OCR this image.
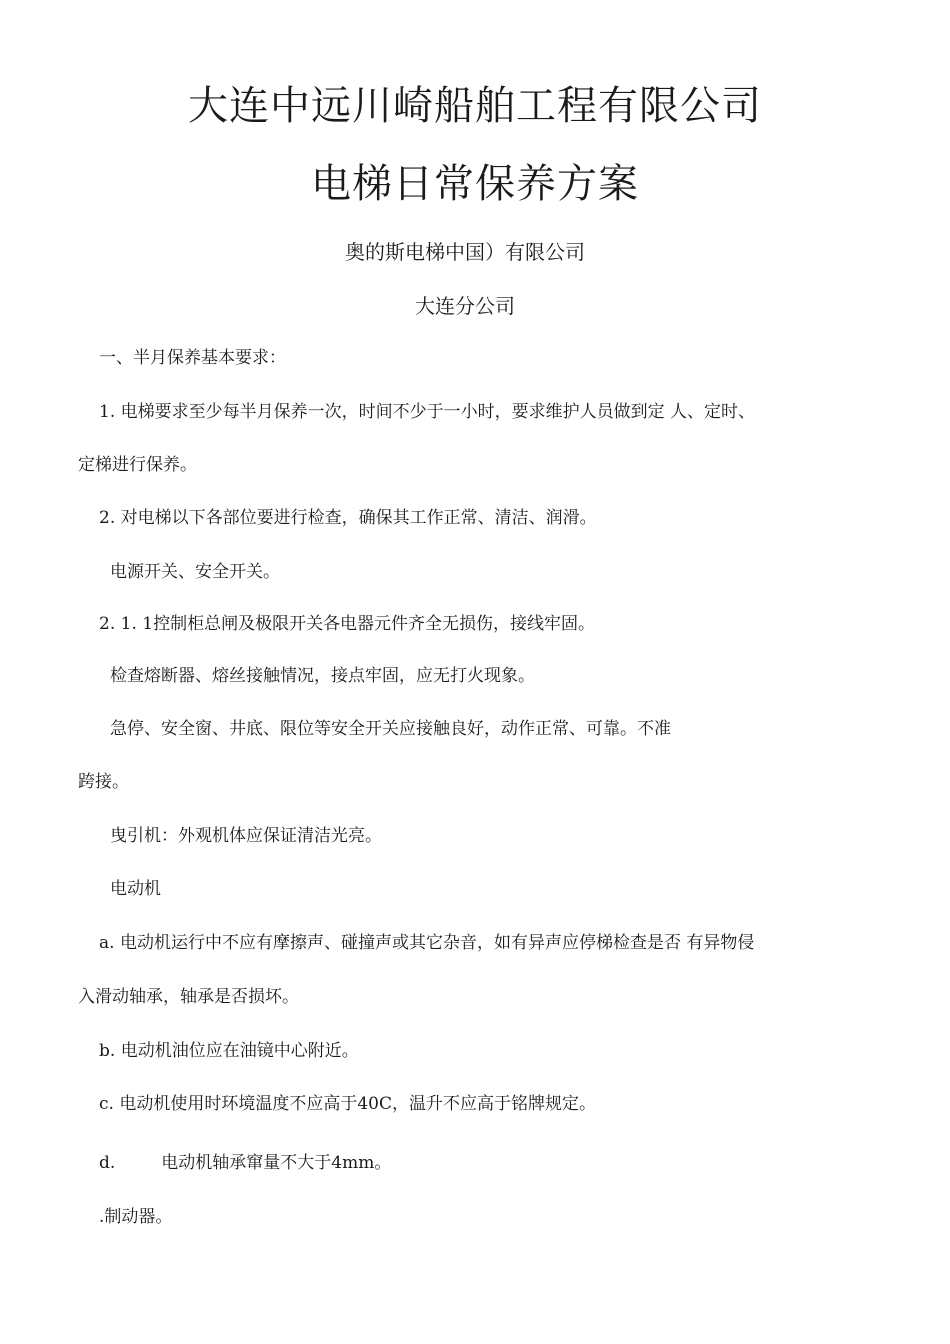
大连中远川崎船舶工程有限公司
电梯日常保养方案
奥的斯电梯中国）有限公司
大连分公司
一、半月保养基本要求：
1. 电梯要求至少每半月保养一次，时间不少于一小时，要求维护人员做到定 人、定时、
定梯进行保养。
2. 对电梯以下各部位要进行检查，确保其工作正常、清洁、润滑。
电源开关、安全开关。
2. 1. 1控制柜总闸及极限开关各电器元件齐全无损伤，接线牢固。
检查熔断器、熔丝接触情况，接点牢固，应无打火现象。
急停、安全窗、井底、限位等安全开关应接触良好，动作正常、可靠。不准
跨接。
曳引机：外观机体应保证清洁光亮。
电动机
a. 电动机运行中不应有摩擦声、碰撞声或其它杂音，如有异声应停梯检查是否 有异物侵
入滑动轴承，轴承是否损坏。
b. 电动机油位应在油镜中心附近。
c. 电动机使用时环境温度不应高于40C，温升不应高于铭牌规定。
d.	电动机轴承窜量不大于4mm。
.制动器。
